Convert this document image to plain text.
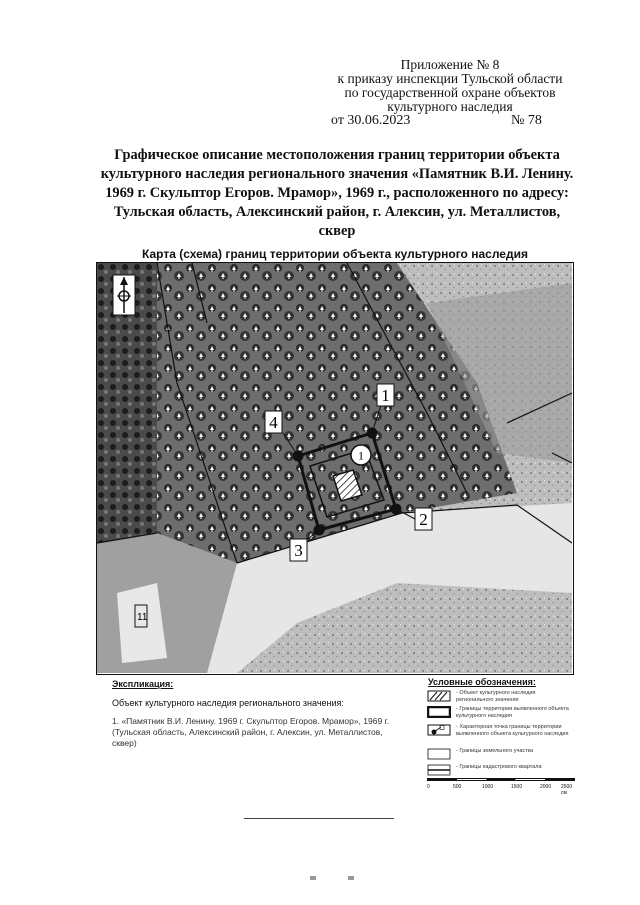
Приложение № 8
к приказу инспекции Тульской области
по государственной охране объектов
культурного наследия
от 30.06.2023	№ 78
Графическое описание местоположения границ территории объекта
культурного наследия регионального значения «Памятник В.И. Ленину.
1969 г. Скульптор Егоров. Мрамор», 1969 г., расположенного по адресу:
Тульская область, Алексинский район, г. Алексин, ул. Металлистов,
сквер
Карта (схема) границ территории объекта культурного наследия
11
1
1
2
3
4
Экспликация:
Объект культурного наследия регионального значения:
1. «Памятник В.И. Ленину. 1969 г. Скульптор Егоров. Мрамор», 1969 г. (Тульская область, Алексинский район, г. Алексин, ул. Металлистов, сквер)
Условные обозначения:
- Объект культурного наследия регионального значения
- Границы территории выявленного объекта культурного наследия
- Характерная точка границы территории выявленного объекта культурного наследия
- Границы земельного участка
- Границы кадастрового квартала
0	500	1000	1500	2000 2500 см
